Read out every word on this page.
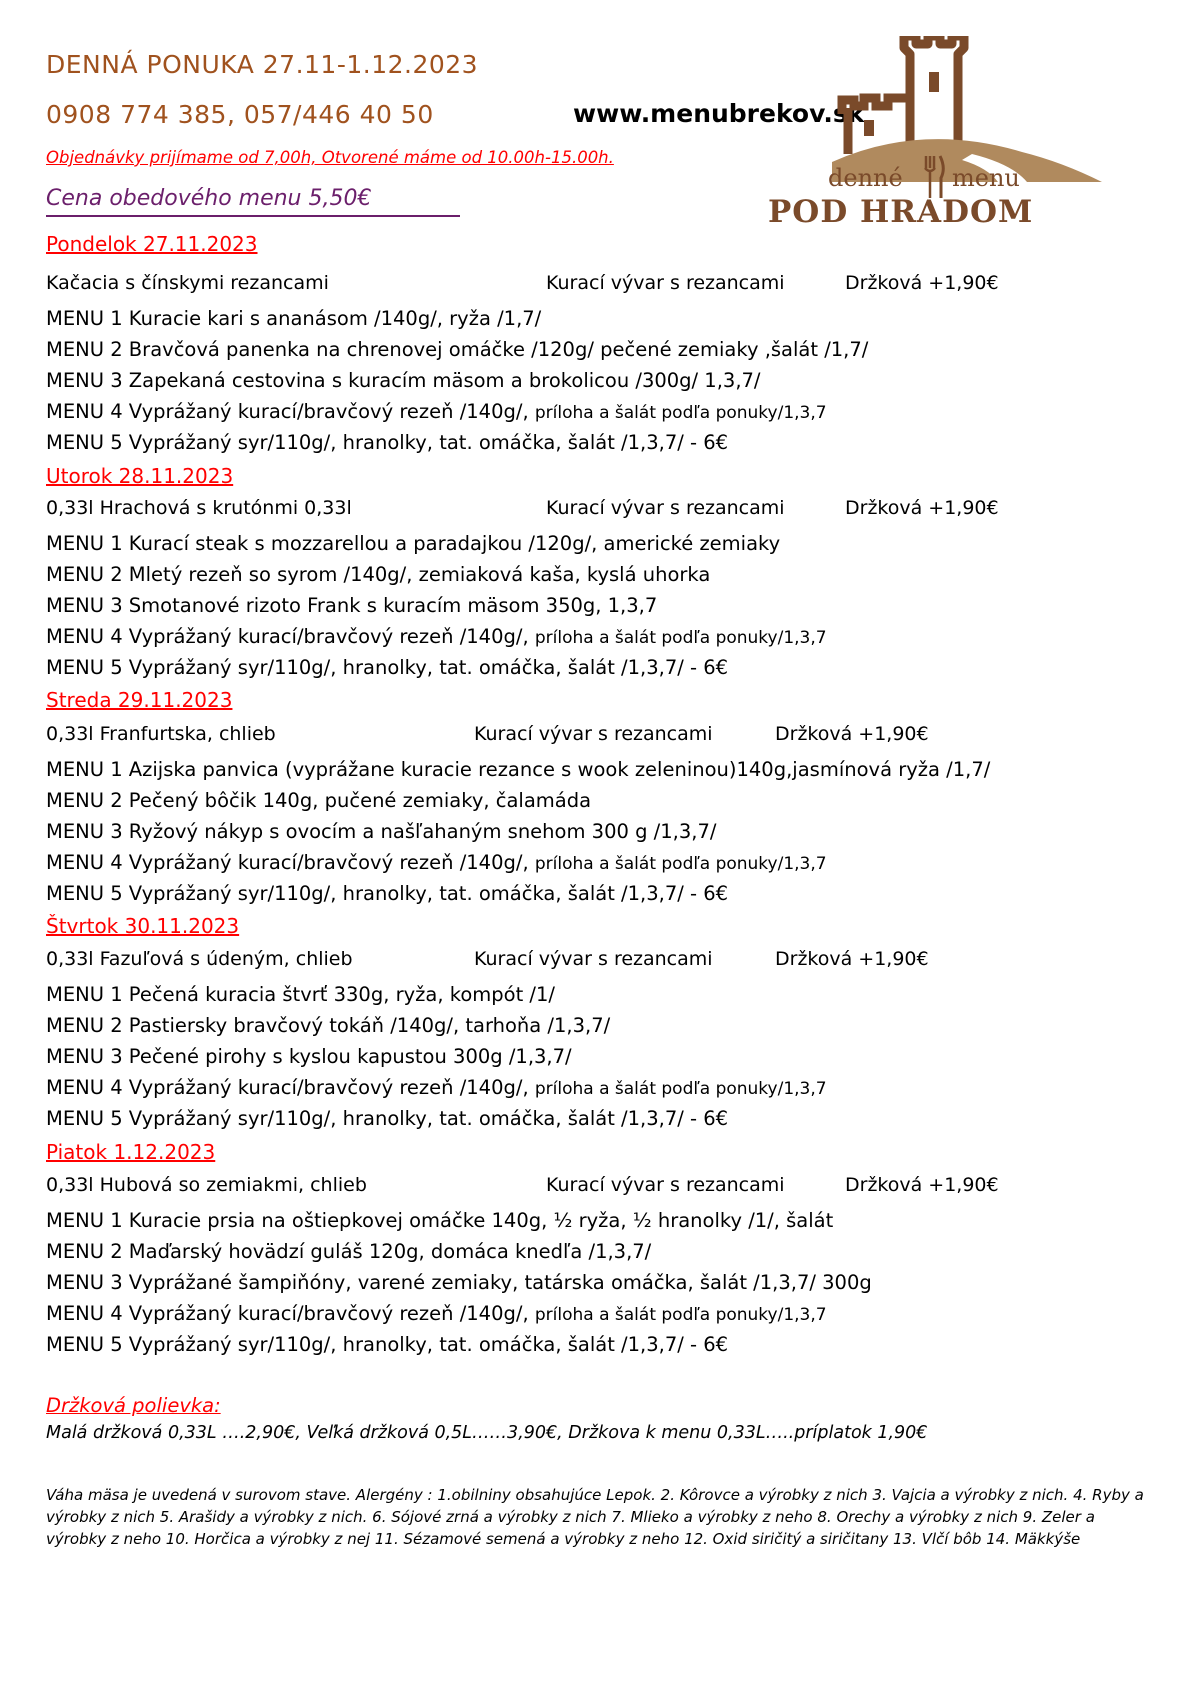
DENNÁ PONUKA 27.11-1.12.2023
0908 774 385, 057/446 40 50	www.menubrekov.sk
Objednávky prijímame od 7,00h, Otvorené máme od 10.00h-15.00h.
Cena obedového menu 5,50€
denné menu
POD HRADOM
Pondelok 27.11.2023
Kačacia s čínskymi rezancami	Kurací vývar s rezancami	Držková +1,90€
MENU 1 Kuracie kari s ananásom /140g/, ryža /1,7/
MENU 2 Bravčová panenka na chrenovej omáčke /120g/ pečené zemiaky ,šalát /1,7/
MENU 3 Zapekaná cestovina s kuracím mäsom a brokolicou /300g/ 1,3,7/
MENU 4 Vyprážaný kurací/bravčový rezeň /140g/, príloha a šalát podľa ponuky/1,3,7
MENU 5 Vyprážaný syr/110g/, hranolky, tat. omáčka, šalát /1,3,7/ - 6€
Utorok 28.11.2023
0,33l Hrachová s krutónmi 0,33l	Kurací vývar s rezancami	Držková +1,90€
MENU 1 Kurací steak s mozzarellou a paradajkou /120g/, americké zemiaky
MENU 2 Mletý rezeň so syrom /140g/, zemiaková kaša, kyslá uhorka
MENU 3 Smotanové rizoto Frank s kuracím mäsom 350g, 1,3,7
MENU 4 Vyprážaný kurací/bravčový rezeň /140g/, príloha a šalát podľa ponuky/1,3,7
MENU 5 Vyprážaný syr/110g/, hranolky, tat. omáčka, šalát /1,3,7/ - 6€
Streda 29.11.2023
0,33l Franfurtska, chlieb	Kurací vývar s rezancami	Držková +1,90€
MENU 1 Azijska panvica (vyprážane kuracie rezance s wook zeleninou)140g,jasmínová ryža /1,7/
MENU 2 Pečený bôčik 140g, pučené zemiaky, čalamáda
MENU 3 Ryžový nákyp s ovocím a našľahaným snehom 300 g /1,3,7/
MENU 4 Vyprážaný kurací/bravčový rezeň /140g/, príloha a šalát podľa ponuky/1,3,7
MENU 5 Vyprážaný syr/110g/, hranolky, tat. omáčka, šalát /1,3,7/ - 6€
Štvrtok 30.11.2023
0,33l Fazuľová s údeným, chlieb	Kurací vývar s rezancami	Držková +1,90€
MENU 1 Pečená kuracia štvrť 330g, ryža, kompót /1/
MENU 2 Pastiersky bravčový tokáň /140g/, tarhoňa /1,3,7/
MENU 3 Pečené pirohy s kyslou kapustou 300g /1,3,7/
MENU 4 Vyprážaný kurací/bravčový rezeň /140g/, príloha a šalát podľa ponuky/1,3,7
MENU 5 Vyprážaný syr/110g/, hranolky, tat. omáčka, šalát /1,3,7/ - 6€
Piatok 1.12.2023
0,33l Hubová so zemiakmi, chlieb	Kurací vývar s rezancami	Držková +1,90€
MENU 1 Kuracie prsia na oštiepkovej omáčke 140g, ½ ryža, ½ hranolky /1/, šalát
MENU 2 Maďarský hovädzí guláš 120g, domáca knedľa /1,3,7/
MENU 3 Vyprážané šampiňóny, varené zemiaky, tatárska omáčka, šalát /1,3,7/ 300g
MENU 4 Vyprážaný kurací/bravčový rezeň /140g/, príloha a šalát podľa ponuky/1,3,7
MENU 5 Vyprážaný syr/110g/, hranolky, tat. omáčka, šalát /1,3,7/ - 6€
Držková polievka:
Malá držková 0,33L ….2,90€, Veľká držková 0,5L……3,90€, Držkova k menu 0,33L…..príplatok 1,90€
Váha mäsa je uvedená v surovom stave. Alergény : 1.obilniny obsahujúce Lepok. 2. Kôrovce a výrobky z nich 3. Vajcia a výrobky z nich. 4. Ryby a výrobky z nich 5. Arašidy a výrobky z nich. 6. Sójové zrná a výrobky z nich 7. Mlieko a výrobky z neho 8. Orechy a výrobky z nich 9. Zeler a výrobky z neho 10. Horčica a výrobky z nej 11. Sézamové semená a výrobky z neho 12. Oxid siričitý a siričitany 13. Vlčí bôb 14. Mäkkýše
